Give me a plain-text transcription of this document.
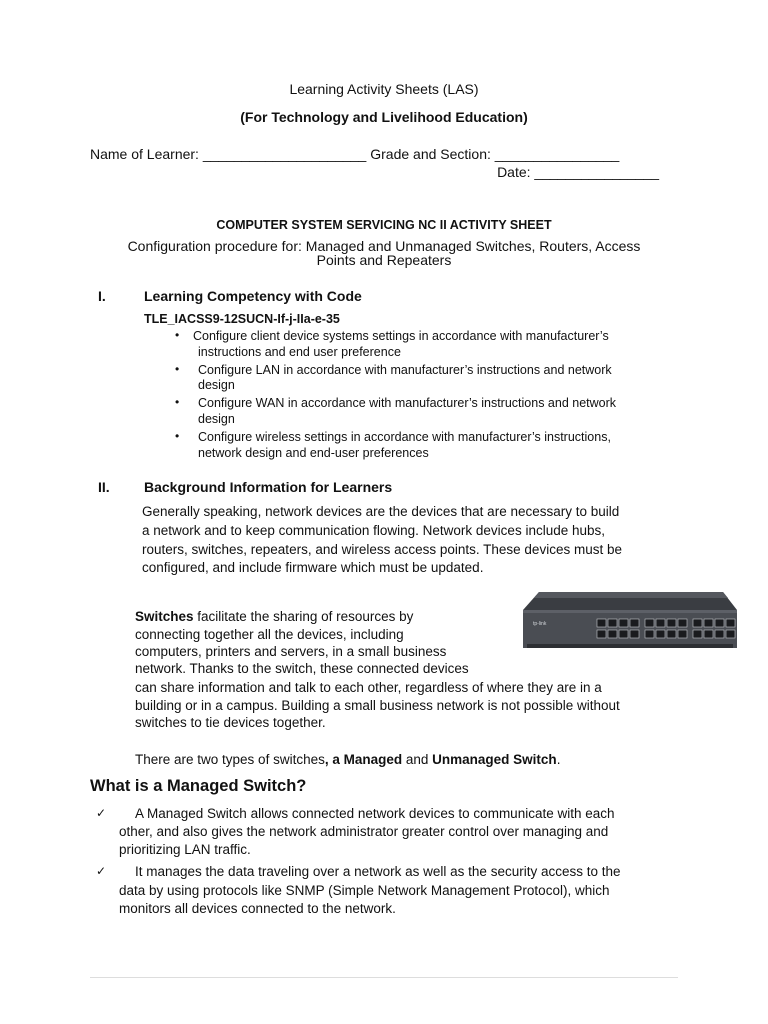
Learning Activity Sheets (LAS)
(For Technology and Livelihood Education)
Name of Learner: _____________________ Grade and Section: ________________
Date: ________________
COMPUTER SYSTEM SERVICING NC II ACTIVITY SHEET
Configuration procedure for: Managed and Unmanaged Switches, Routers, Access
Points and Repeaters
I.	Learning Competency with Code
TLE_IACSS9-12SUCN-If-j-IIa-e-35
• Configure client device systems settings in accordance with manufacturer’s
instructions and end user preference
• Configure LAN in accordance with manufacturer’s instructions and network
design
• Configure WAN in accordance with manufacturer’s instructions and network
design
• Configure wireless settings in accordance with manufacturer’s instructions,
network design and end-user preferences
II. Background Information for Learners
Generally speaking, network devices are the devices that are necessary to build
a network and to keep communication flowing. Network devices include hubs,
routers, switches, repeaters, and wireless access points. These devices must be
configured, and include firmware which must be updated.
Switches facilitate the sharing of resources by
connecting together all the devices, including
computers, printers and servers, in a small business
network. Thanks to the switch, these connected devices
can share information and talk to each other, regardless of where they are in a
building or in a campus. Building a small business network is not possible without
switches to tie devices together.
tp-link
There are two types of switches, a Managed and Unmanaged Switch.
What is a Managed Switch?
✓ A Managed Switch allows connected network devices to communicate with each
other, and also gives the network administrator greater control over managing and
prioritizing LAN traffic.
✓ It manages the data traveling over a network as well as the security access to the
data by using protocols like SNMP (Simple Network Management Protocol), which
monitors all devices connected to the network.
